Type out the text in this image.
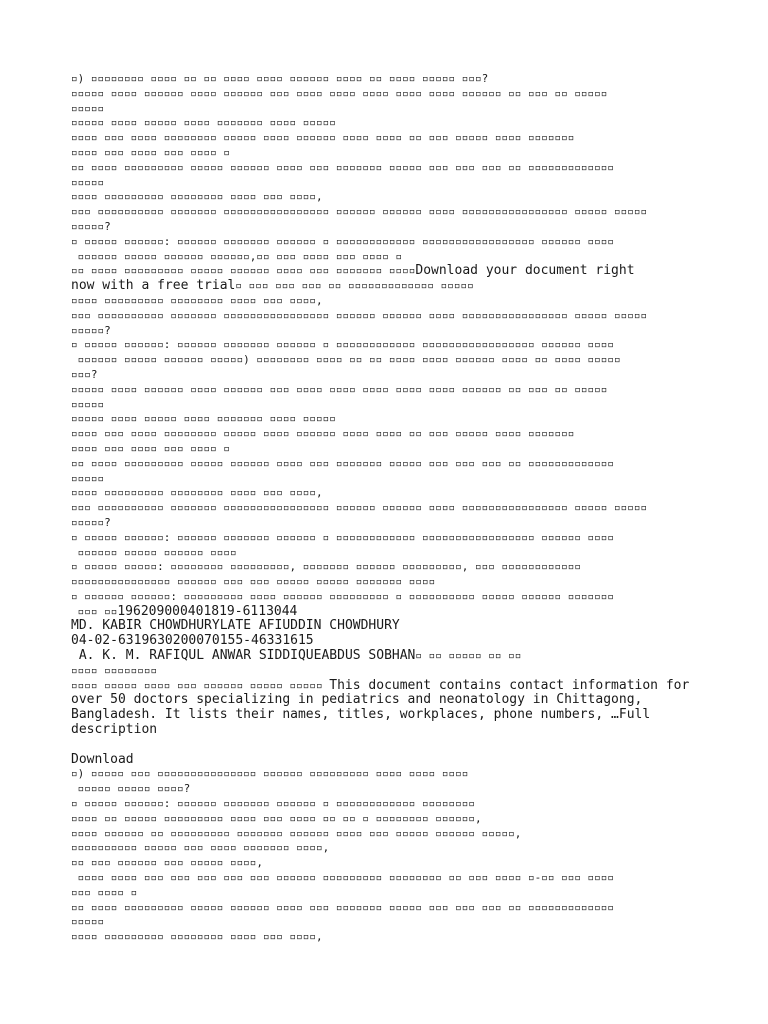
▫) ▫▫▫▫▫▫▫▫ ▫▫▫▫ ▫▫ ▫▫ ▫▫▫▫ ▫▫▫▫ ▫▫▫▫▫▫ ▫▫▫▫ ▫▫ ▫▫▫▫ ▫▫▫▫▫ ▫▫▫?
▫▫▫▫▫ ▫▫▫▫ ▫▫▫▫▫▫ ▫▫▫▫ ▫▫▫▫▫▫ ▫▫▫ ▫▫▫▫ ▫▫▫▫ ▫▫▫▫ ▫▫▫▫ ▫▫▫▫ ▫▫▫▫▫▫ ▫▫ ▫▫▫ ▫▫ ▫▫▫▫▫
▫▫▫▫▫
▫▫▫▫▫ ▫▫▫▫ ▫▫▫▫▫ ▫▫▫▫ ▫▫▫▫▫▫▫ ▫▫▫▫ ▫▫▫▫▫
▫▫▫▫ ▫▫▫ ▫▫▫▫ ▫▫▫▫▫▫▫▫ ▫▫▫▫▫ ▫▫▫▫ ▫▫▫▫▫▫ ▫▫▫▫ ▫▫▫▫ ▫▫ ▫▫▫ ▫▫▫▫▫ ▫▫▫▫ ▫▫▫▫▫▫▫
▫▫▫▫ ▫▫▫ ▫▫▫▫ ▫▫▫ ▫▫▫▫ ▫
▫▫ ▫▫▫▫ ▫▫▫▫▫▫▫▫▫ ▫▫▫▫▫ ▫▫▫▫▫▫ ▫▫▫▫ ▫▫▫ ▫▫▫▫▫▫▫ ▫▫▫▫▫ ▫▫▫ ▫▫▫ ▫▫▫ ▫▫ ▫▫▫▫▫▫▫▫▫▫▫▫▫
▫▫▫▫▫
▫▫▫▫ ▫▫▫▫▫▫▫▫▫ ▫▫▫▫▫▫▫▫ ▫▫▫▫ ▫▫▫ ▫▫▫▫,
▫▫▫ ▫▫▫▫▫▫▫▫▫▫ ▫▫▫▫▫▫▫ ▫▫▫▫▫▫▫▫▫▫▫▫▫▫▫▫ ▫▫▫▫▫▫ ▫▫▫▫▫▫ ▫▫▫▫ ▫▫▫▫▫▫▫▫▫▫▫▫▫▫▫▫ ▫▫▫▫▫ ▫▫▫▫▫
▫▫▫▫▫?
▫ ▫▫▫▫▫ ▫▫▫▫▫▫: ▫▫▫▫▫▫ ▫▫▫▫▫▫▫ ▫▫▫▫▫▫ ▫ ▫▫▫▫▫▫▫▫▫▫▫▫ ▫▫▫▫▫▫▫▫▫▫▫▫▫▫▫▫▫ ▫▫▫▫▫▫ ▫▫▫▫
▫▫▫▫▫▫ ▫▫▫▫▫ ▫▫▫▫▫▫ ▫▫▫▫▫▫,▫▫ ▫▫▫ ▫▫▫▫ ▫▫▫ ▫▫▫▫ ▫
▫▫ ▫▫▫▫ ▫▫▫▫▫▫▫▫▫ ▫▫▫▫▫ ▫▫▫▫▫▫ ▫▫▫▫ ▫▫▫ ▫▫▫▫▫▫▫ ▫▫▫▫Download your document right
now with a free trial▫ ▫▫▫ ▫▫▫ ▫▫▫ ▫▫ ▫▫▫▫▫▫▫▫▫▫▫▫▫ ▫▫▫▫▫
▫▫▫▫ ▫▫▫▫▫▫▫▫▫ ▫▫▫▫▫▫▫▫ ▫▫▫▫ ▫▫▫ ▫▫▫▫,
▫▫▫ ▫▫▫▫▫▫▫▫▫▫ ▫▫▫▫▫▫▫ ▫▫▫▫▫▫▫▫▫▫▫▫▫▫▫▫ ▫▫▫▫▫▫ ▫▫▫▫▫▫ ▫▫▫▫ ▫▫▫▫▫▫▫▫▫▫▫▫▫▫▫▫ ▫▫▫▫▫ ▫▫▫▫▫
▫▫▫▫▫?
▫ ▫▫▫▫▫ ▫▫▫▫▫▫: ▫▫▫▫▫▫ ▫▫▫▫▫▫▫ ▫▫▫▫▫▫ ▫ ▫▫▫▫▫▫▫▫▫▫▫▫ ▫▫▫▫▫▫▫▫▫▫▫▫▫▫▫▫▫ ▫▫▫▫▫▫ ▫▫▫▫
▫▫▫▫▫▫ ▫▫▫▫▫ ▫▫▫▫▫▫ ▫▫▫▫▫) ▫▫▫▫▫▫▫▫ ▫▫▫▫ ▫▫ ▫▫ ▫▫▫▫ ▫▫▫▫ ▫▫▫▫▫▫ ▫▫▫▫ ▫▫ ▫▫▫▫ ▫▫▫▫▫
▫▫▫?
▫▫▫▫▫ ▫▫▫▫ ▫▫▫▫▫▫ ▫▫▫▫ ▫▫▫▫▫▫ ▫▫▫ ▫▫▫▫ ▫▫▫▫ ▫▫▫▫ ▫▫▫▫ ▫▫▫▫ ▫▫▫▫▫▫ ▫▫ ▫▫▫ ▫▫ ▫▫▫▫▫
▫▫▫▫▫
▫▫▫▫▫ ▫▫▫▫ ▫▫▫▫▫ ▫▫▫▫ ▫▫▫▫▫▫▫ ▫▫▫▫ ▫▫▫▫▫
▫▫▫▫ ▫▫▫ ▫▫▫▫ ▫▫▫▫▫▫▫▫ ▫▫▫▫▫ ▫▫▫▫ ▫▫▫▫▫▫ ▫▫▫▫ ▫▫▫▫ ▫▫ ▫▫▫ ▫▫▫▫▫ ▫▫▫▫ ▫▫▫▫▫▫▫
▫▫▫▫ ▫▫▫ ▫▫▫▫ ▫▫▫ ▫▫▫▫ ▫
▫▫ ▫▫▫▫ ▫▫▫▫▫▫▫▫▫ ▫▫▫▫▫ ▫▫▫▫▫▫ ▫▫▫▫ ▫▫▫ ▫▫▫▫▫▫▫ ▫▫▫▫▫ ▫▫▫ ▫▫▫ ▫▫▫ ▫▫ ▫▫▫▫▫▫▫▫▫▫▫▫▫
▫▫▫▫▫
▫▫▫▫ ▫▫▫▫▫▫▫▫▫ ▫▫▫▫▫▫▫▫ ▫▫▫▫ ▫▫▫ ▫▫▫▫,
▫▫▫ ▫▫▫▫▫▫▫▫▫▫ ▫▫▫▫▫▫▫ ▫▫▫▫▫▫▫▫▫▫▫▫▫▫▫▫ ▫▫▫▫▫▫ ▫▫▫▫▫▫ ▫▫▫▫ ▫▫▫▫▫▫▫▫▫▫▫▫▫▫▫▫ ▫▫▫▫▫ ▫▫▫▫▫
▫▫▫▫▫?
▫ ▫▫▫▫▫ ▫▫▫▫▫▫: ▫▫▫▫▫▫ ▫▫▫▫▫▫▫ ▫▫▫▫▫▫ ▫ ▫▫▫▫▫▫▫▫▫▫▫▫ ▫▫▫▫▫▫▫▫▫▫▫▫▫▫▫▫▫ ▫▫▫▫▫▫ ▫▫▫▫
▫▫▫▫▫▫ ▫▫▫▫▫ ▫▫▫▫▫▫ ▫▫▫▫
▫ ▫▫▫▫▫ ▫▫▫▫▫: ▫▫▫▫▫▫▫▫ ▫▫▫▫▫▫▫▫▫, ▫▫▫▫▫▫▫ ▫▫▫▫▫▫ ▫▫▫▫▫▫▫▫▫, ▫▫▫ ▫▫▫▫▫▫▫▫▫▫▫▫
▫▫▫▫▫▫▫▫▫▫▫▫▫▫▫ ▫▫▫▫▫▫ ▫▫▫ ▫▫▫ ▫▫▫▫▫ ▫▫▫▫▫ ▫▫▫▫▫▫▫ ▫▫▫▫
▫ ▫▫▫▫▫▫ ▫▫▫▫▫▫: ▫▫▫▫▫▫▫▫▫ ▫▫▫▫ ▫▫▫▫▫▫ ▫▫▫▫▫▫▫▫▫ ▫ ▫▫▫▫▫▫▫▫▫▫ ▫▫▫▫▫ ▫▫▫▫▫▫ ▫▫▫▫▫▫▫
▫▫▫ ▫▫196209000401819-6113044
MD. KABIR CHOWDHURYLATE AFIUDDIN CHOWDHURY
04-02-6319630200070155-46331615
A. K. M. RAFIQUL ANWAR SIDDIQUEABDUS SOBHAN▫ ▫▫ ▫▫▫▫▫ ▫▫ ▫▫
▫▫▫▫ ▫▫▫▫▫▫▫▫
▫▫▫▫ ▫▫▫▫▫ ▫▫▫▫ ▫▫▫ ▫▫▫▫▫▫ ▫▫▫▫▫ ▫▫▫▫▫ This document contains contact information for over 50 doctors specializing in pediatrics and neonatology in Chittagong, Bangladesh. It lists their names, titles, workplaces, phone numbers, …Full description
Download
▫) ▫▫▫▫▫ ▫▫▫ ▫▫▫▫▫▫▫▫▫▫▫▫▫▫▫ ▫▫▫▫▫▫ ▫▫▫▫▫▫▫▫▫ ▫▫▫▫ ▫▫▫▫ ▫▫▫▫
▫▫▫▫▫ ▫▫▫▫▫ ▫▫▫▫?
▫ ▫▫▫▫▫ ▫▫▫▫▫▫: ▫▫▫▫▫▫ ▫▫▫▫▫▫▫ ▫▫▫▫▫▫ ▫ ▫▫▫▫▫▫▫▫▫▫▫▫ ▫▫▫▫▫▫▫▫
▫▫▫▫ ▫▫ ▫▫▫▫▫ ▫▫▫▫▫▫▫▫▫ ▫▫▫▫ ▫▫▫ ▫▫▫▫ ▫▫ ▫▫ ▫ ▫▫▫▫▫▫▫▫ ▫▫▫▫▫▫,
▫▫▫▫ ▫▫▫▫▫▫ ▫▫ ▫▫▫▫▫▫▫▫▫ ▫▫▫▫▫▫▫ ▫▫▫▫▫▫ ▫▫▫▫ ▫▫▫ ▫▫▫▫▫ ▫▫▫▫▫▫ ▫▫▫▫▫,
▫▫▫▫▫▫▫▫▫▫ ▫▫▫▫▫ ▫▫▫ ▫▫▫▫ ▫▫▫▫▫▫▫ ▫▫▫▫,
▫▫ ▫▫▫ ▫▫▫▫▫▫ ▫▫▫ ▫▫▫▫▫ ▫▫▫▫,
▫▫▫▫ ▫▫▫▫ ▫▫▫ ▫▫▫ ▫▫▫ ▫▫▫ ▫▫▫ ▫▫▫▫▫▫ ▫▫▫▫▫▫▫▫▫ ▫▫▫▫▫▫▫▫ ▫▫ ▫▫▫ ▫▫▫▫ ▫-▫▫ ▫▫▫ ▫▫▫▫
▫▫▫ ▫▫▫▫ ▫
▫▫ ▫▫▫▫ ▫▫▫▫▫▫▫▫▫ ▫▫▫▫▫ ▫▫▫▫▫▫ ▫▫▫▫ ▫▫▫ ▫▫▫▫▫▫▫ ▫▫▫▫▫ ▫▫▫ ▫▫▫ ▫▫▫ ▫▫ ▫▫▫▫▫▫▫▫▫▫▫▫▫
▫▫▫▫▫
▫▫▫▫ ▫▫▫▫▫▫▫▫▫ ▫▫▫▫▫▫▫▫ ▫▫▫▫ ▫▫▫ ▫▫▫▫,
